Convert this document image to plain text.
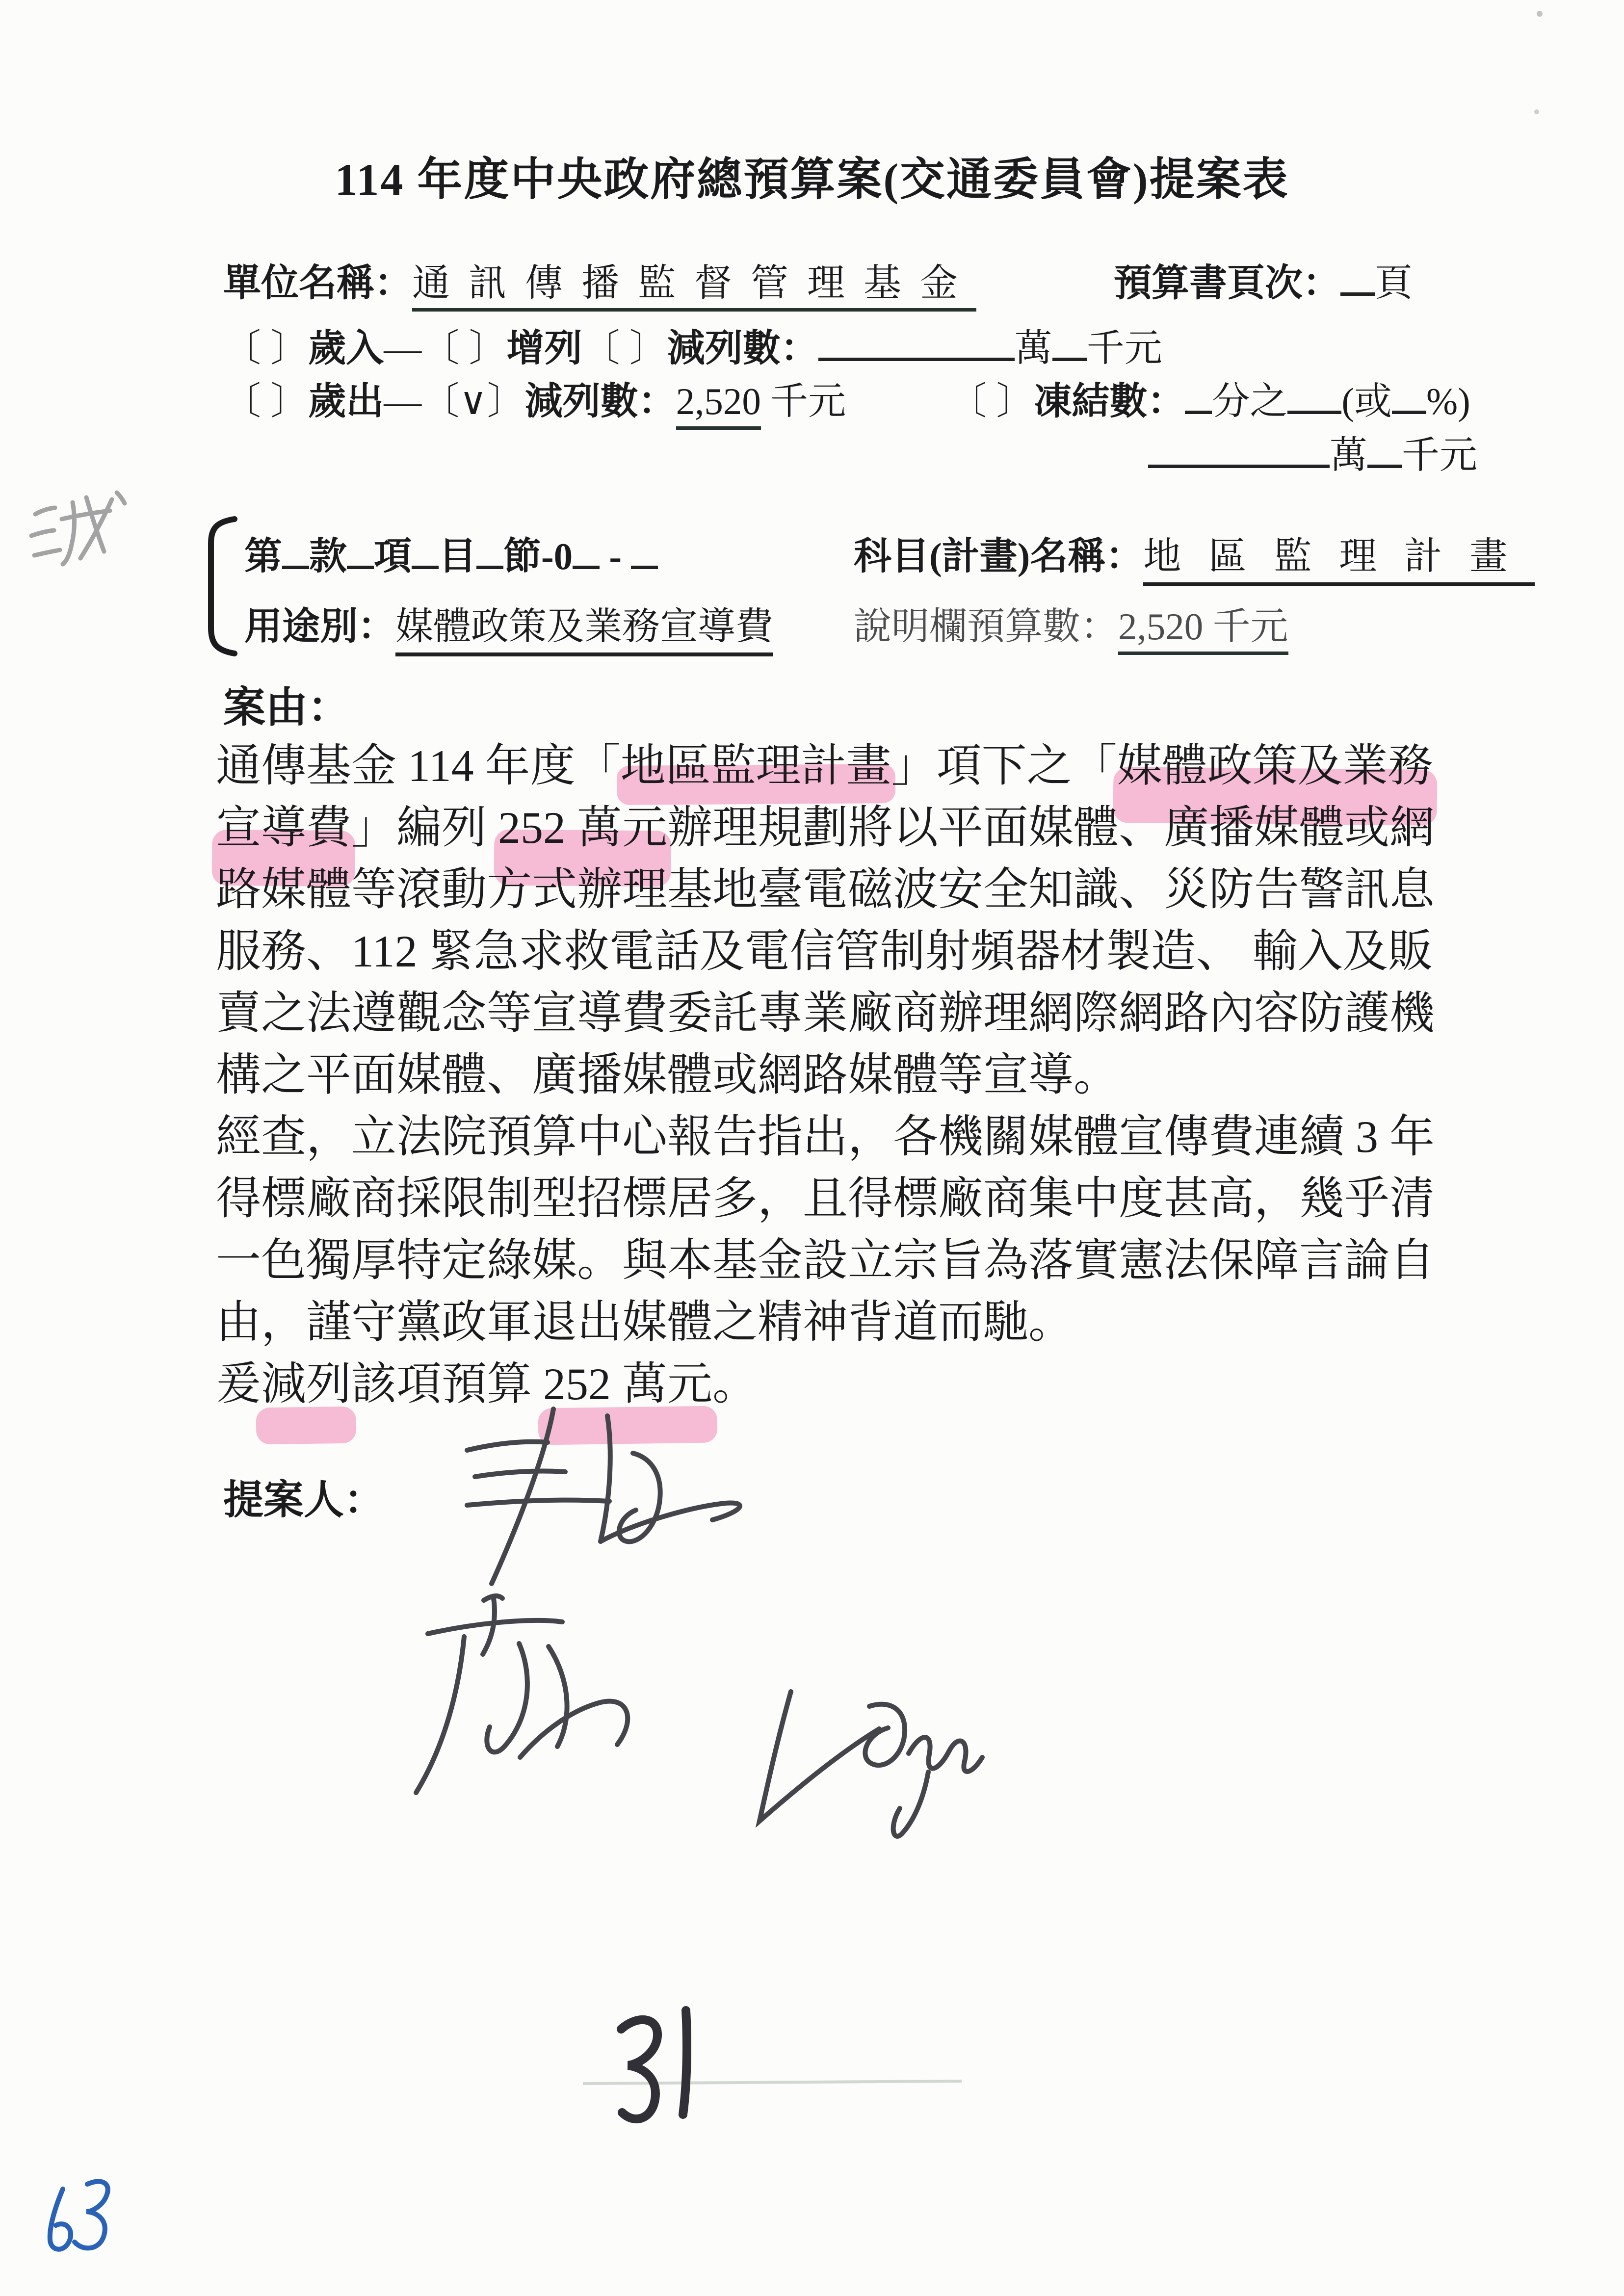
114 年度中央政府總預算案(交通委員會)提案表
單位名稱：通訊傳播監督管理基金	預算書頁次： 頁
〔 〕歲入—〔 〕增列〔 〕減列數：	萬 千元
〔 〕歲出—〔∨〕減列數：2,520 千元	〔 〕凍結數： 分之 (或 %)
萬 千元
第 款 項 目 節-0 -	科目(計畫)名稱：地區監理計畫
用途別：媒體政策及業務宣導費 說明欄預算數：2,520 千元
案由：
通傳基金 114 年度「地區監理計畫」項下之「媒體政策及業務
宣導費」編列 252 萬元辦理規劃將以平面媒體、廣播媒體或網
路媒體等滾動方式辦理基地臺電磁波安全知識、災防告警訊息
服務、112 緊急求救電話及電信管制射頻器材製造、 輸入及販
賣之法遵觀念等宣導費委託專業廠商辦理網際網路內容防護機
構之平面媒體、廣播媒體或網路媒體等宣導。
經查，立法院預算中心報告指出，各機關媒體宣傳費連續 3 年
得標廠商採限制型招標居多，且得標廠商集中度甚高，幾乎清
一色獨厚特定綠媒。與本基金設立宗旨為落實憲法保障言論自
由，謹守黨政軍退出媒體之精神背道而馳。
爰減列該項預算 252 萬元。
提案人：
